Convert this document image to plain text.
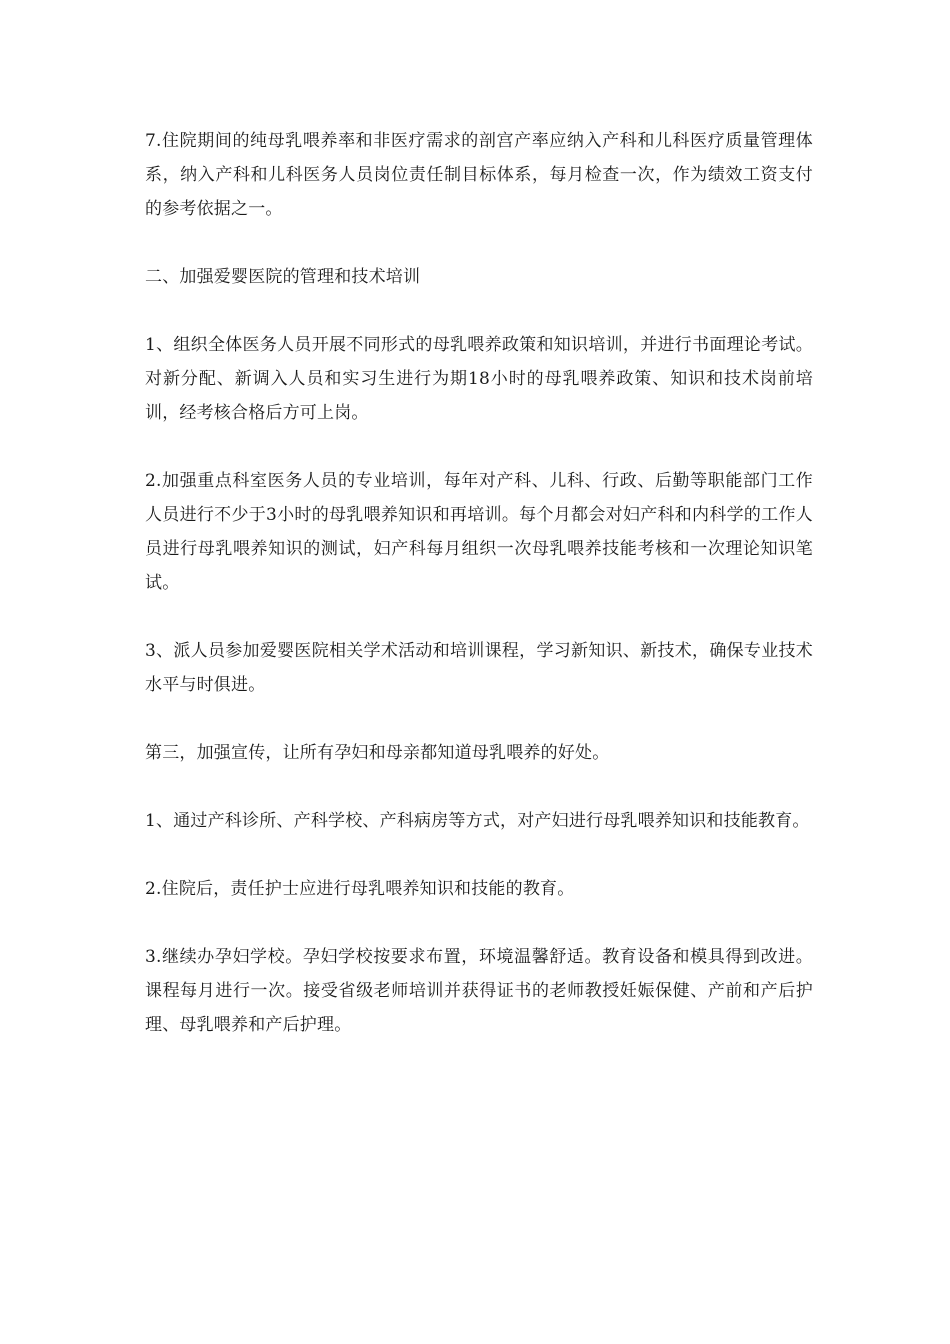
7.住院期间的纯母乳喂养率和非医疗需求的剖宫产率应纳入产科和儿科医疗质量管理体系，纳入产科和儿科医务人员岗位责任制目标体系，每月检查一次，作为绩效工资支付的参考依据之一。

二、加强爱婴医院的管理和技术培训

1、组织全体医务人员开展不同形式的母乳喂养政策和知识培训，并进行书面理论考试。对新分配、新调入人员和实习生进行为期18小时的母乳喂养政策、知识和技术岗前培训，经考核合格后方可上岗。

2.加强重点科室医务人员的专业培训，每年对产科、儿科、行政、后勤等职能部门工作人员进行不少于3小时的母乳喂养知识和再培训。每个月都会对妇产科和内科学的工作人员进行母乳喂养知识的测试，妇产科每月组织一次母乳喂养技能考核和一次理论知识笔试。

3、派人员参加爱婴医院相关学术活动和培训课程，学习新知识、新技术，确保专业技术水平与时俱进。

第三，加强宣传，让所有孕妇和母亲都知道母乳喂养的好处。

1、通过产科诊所、产科学校、产科病房等方式，对产妇进行母乳喂养知识和技能教育。

2.住院后，责任护士应进行母乳喂养知识和技能的教育。

3.继续办孕妇学校。孕妇学校按要求布置，环境温馨舒适。教育设备和模具得到改进。课程每月进行一次。接受省级老师培训并获得证书的老师教授妊娠保健、产前和产后护理、母乳喂养和产后护理。
